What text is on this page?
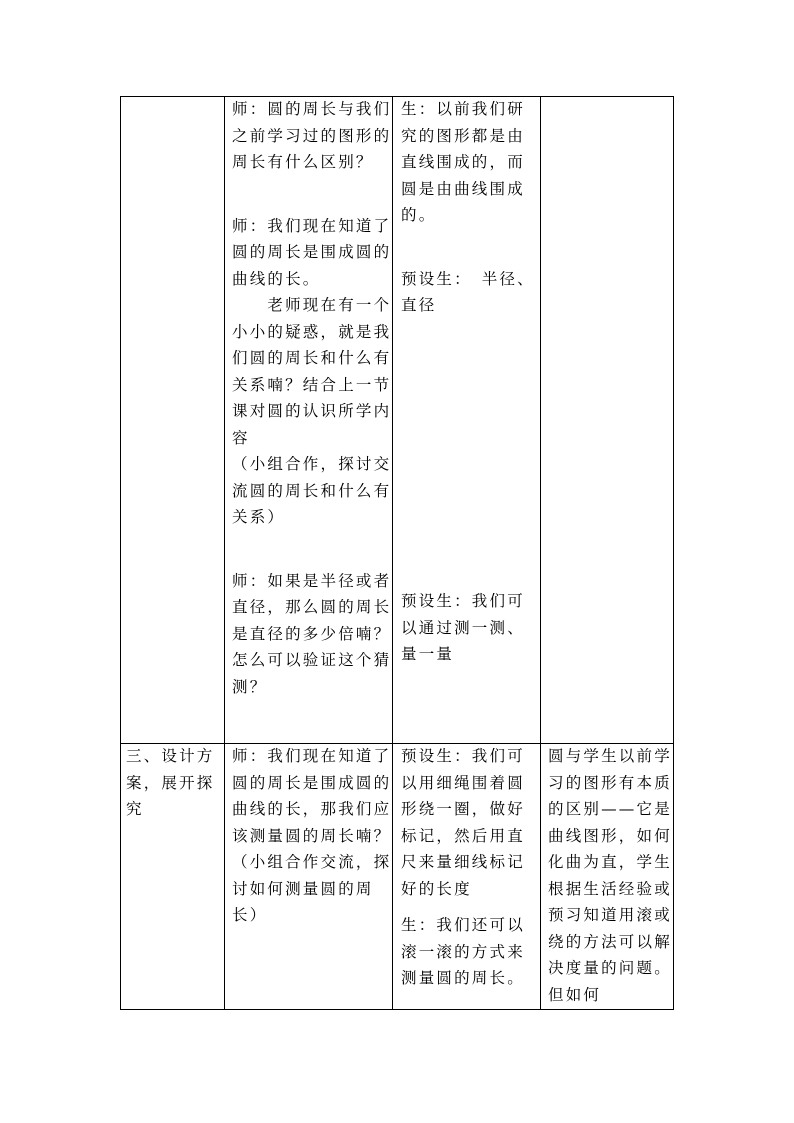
师：圆的周长与我们之前学习过的图形的周长有什么区别？

师：我们现在知道了圆的周长是围成圆的曲线的长。

　　老师现在有一个小小的疑惑，就是我们圆的周长和什么有关系喃？结合上一节课对圆的认识所学内容

（小组合作，探讨交流圆的周长和什么有关系）

师：如果是半径或者直径，那么圆的周长是直径的多少倍喃？怎么可以验证这个猜测？

生：以前我们研究的图形都是由直线围成的，而圆是由曲线围成的。

预设生：　半径、直径

预设生：我们可以通过测一测、量一量

三、设计方案，展开探究

师：我们现在知道了圆的周长是围成圆的曲线的长，那我们应该测量圆的周长喃？

（小组合作交流，探讨如何测量圆的周长）

预设生：我们可以用细绳围着圆形绕一圈，做好标记，然后用直尺来量细线标记好的长度

生：我们还可以滚一滚的方式来测量圆的周长。

圆与学生以前学习的图形有本质的区别——它是曲线图形，如何化曲为直，学生根据生活经验或预习知道用滚或绕的方法可以解决度量的问题。但如何
